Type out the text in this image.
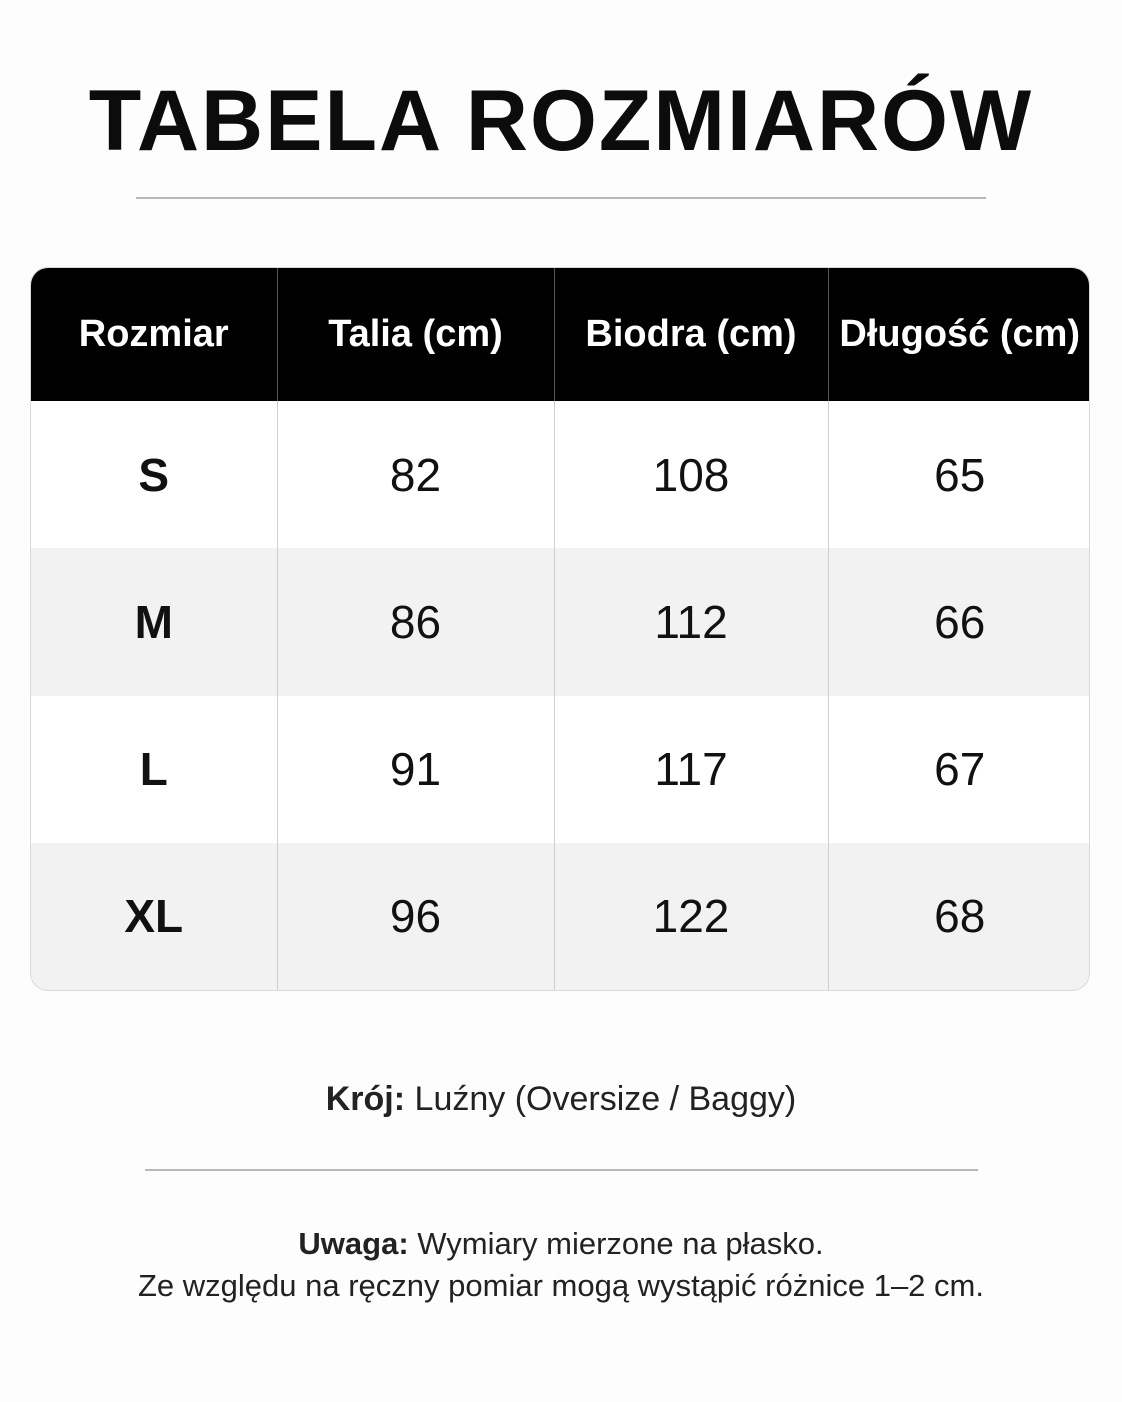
TABELA ROZMIARÓW
Rozmiar	Talia (cm)	Biodra (cm)	Długość (cm)
S	82	108	65
M	86	112	66
L	91	117	67
XL	96	122	68
Krój: Luźny (Oversize / Baggy)
Uwaga: Wymiary mierzone na płasko.
Ze względu na ręczny pomiar mogą wystąpić różnice 1–2 cm.
